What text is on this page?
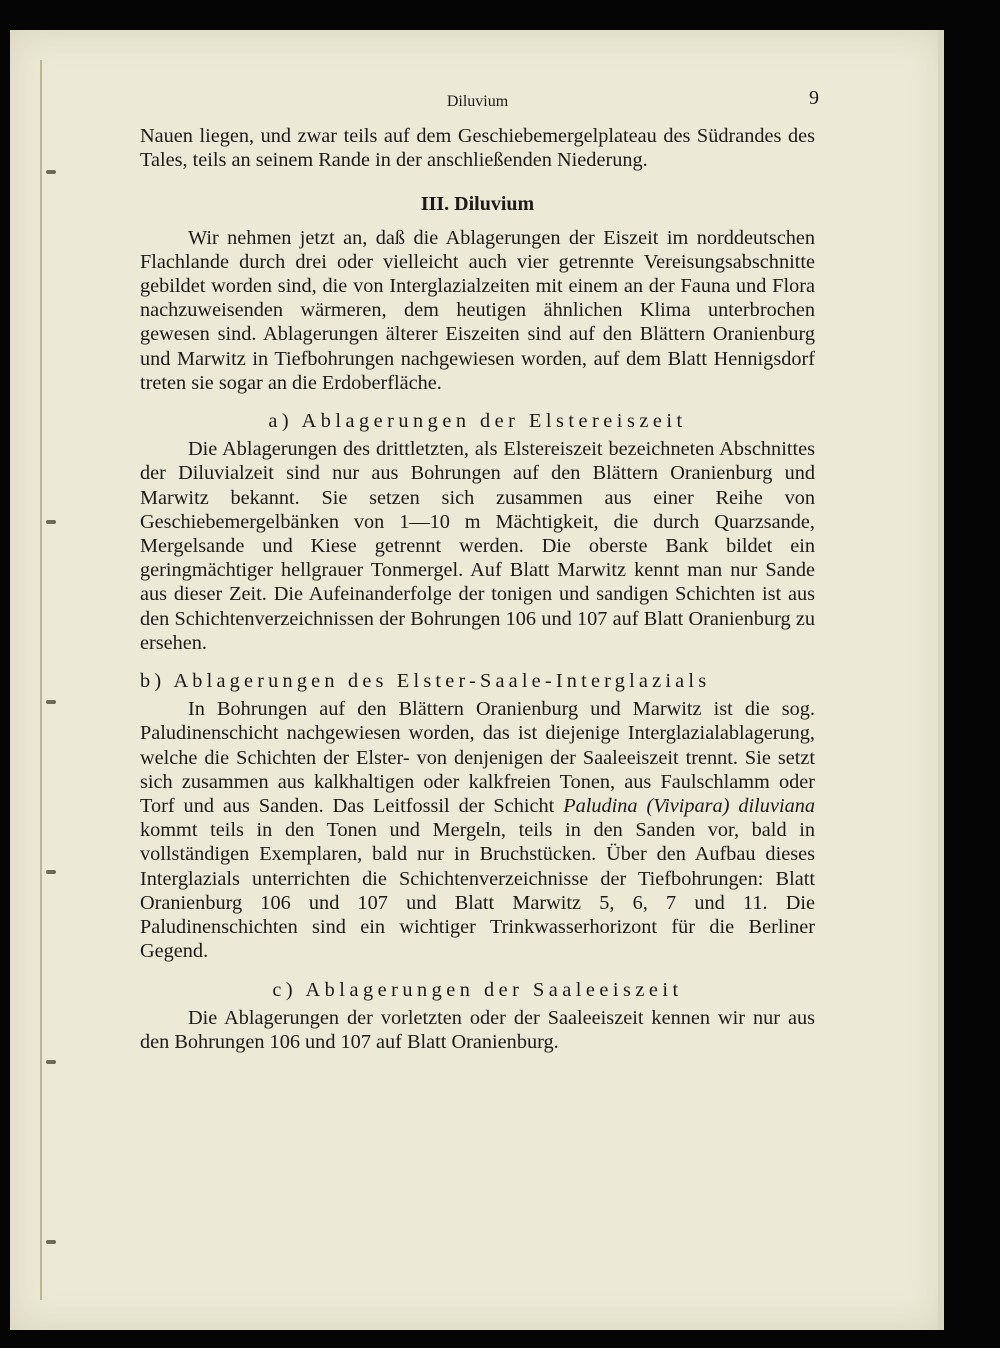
Diluvium	9

Nauen liegen, und zwar teils auf dem Geschiebemergelplateau des Südrandes des Tales, teils an seinem Rande in der anschließenden Niederung.

III. Diluvium

Wir nehmen jetzt an, daß die Ablagerungen der Eiszeit im norddeutschen Flachlande durch drei oder vielleicht auch vier getrennte Vereisungsabschnitte gebildet worden sind, die von Interglazialzeiten mit einem an der Fauna und Flora nachzuweisenden wärmeren, dem heutigen ähnlichen Klima unterbrochen gewesen sind. Ablagerungen älterer Eiszeiten sind auf den Blättern Oranienburg und Marwitz in Tiefbohrungen nachgewiesen worden, auf dem Blatt Hennigsdorf treten sie sogar an die Erdoberfläche.

a) Ablagerungen der Elstereiszeit

Die Ablagerungen des drittletzten, als Elstereiszeit bezeichneten Abschnittes der Diluvialzeit sind nur aus Bohrungen auf den Blättern Oranienburg und Marwitz bekannt. Sie setzen sich zusammen aus einer Reihe von Geschiebemergelbänken von 1—10 m Mächtigkeit, die durch Quarzsande, Mergelsande und Kiese getrennt werden. Die oberste Bank bildet ein geringmächtiger hellgrauer Tonmergel. Auf Blatt Marwitz kennt man nur Sande aus dieser Zeit. Die Aufeinanderfolge der tonigen und sandigen Schichten ist aus den Schichtenverzeichnissen der Bohrungen 106 und 107 auf Blatt Oranienburg zu ersehen.

b) Ablagerungen des Elster-Saale-Interglazials

In Bohrungen auf den Blättern Oranienburg und Marwitz ist die sog. Paludinenschicht nachgewiesen worden, das ist diejenige Interglazialablagerung, welche die Schichten der Elster- von denjenigen der Saaleeiszeit trennt. Sie setzt sich zusammen aus kalkhaltigen oder kalkfreien Tonen, aus Faulschlamm oder Torf und aus Sanden. Das Leitfossil der Schicht Paludina (Vivipara) diluviana kommt teils in den Tonen und Mergeln, teils in den Sanden vor, bald in vollständigen Exemplaren, bald nur in Bruchstücken. Über den Aufbau dieses Interglazials unterrichten die Schichtenverzeichnisse der Tiefbohrungen: Blatt Oranienburg 106 und 107 und Blatt Marwitz 5, 6, 7 und 11. Die Paludinenschichten sind ein wichtiger Trinkwasserhorizont für die Berliner Gegend.

c) Ablagerungen der Saaleeiszeit

Die Ablagerungen der vorletzten oder der Saaleeiszeit kennen wir nur aus den Bohrungen 106 und 107 auf Blatt Oranienburg.
